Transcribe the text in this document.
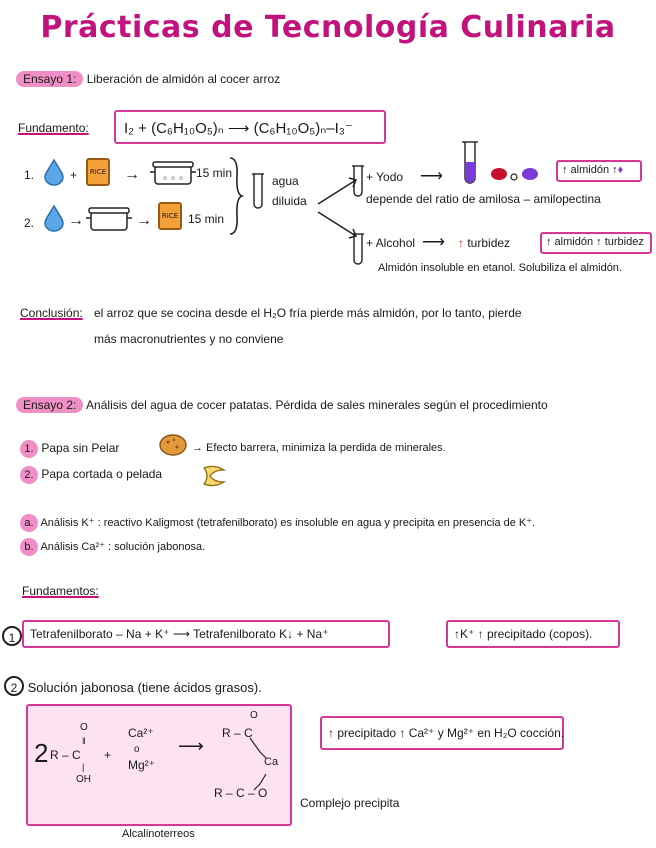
Prácticas de Tecnología Culinaria
Ensayo 1: Liberación de almidón al cocer arroz
Fundamento:	I₂ + (C₆H₁₀O₅)ₙ ⟶ (C₆H₁₀O₅)ₙ–I₃⁻
1.	+	RICE →	15 min
2. →	→	RICE 15 min
agua
diluida
+ Yodo ⟶	↑ almidón ↑♦
depende del ratio de amilosa – amilopectina
+ Alcohol ⟶ ↑ turbidez	↑ almidón ↑ turbidez
Almidón insoluble en etanol. Solubiliza el almidón.
Conclusión: el arroz que se cocina desde el H₂O fría pierde más almidón, por lo tanto, pierde
más macronutrientes y no conviene
Ensayo 2: Análisis del agua de cocer patatas. Pérdida de sales minerales según el procedimiento
1. Papa sin Pelar	→ Efecto barrera, minimiza la perdida de minerales.
2. Papa cortada o pelada
a. Análisis K⁺ : reactivo Kaligmost (tetrafenilborato) es insoluble en agua y precipita en presencia de K⁺.
b. Análisis Ca²⁺ : solución jabonosa.
Fundamentos:
1	Tetrafenilborato – Na + K⁺ ⟶ Tetrafenilborato K↓ + Na⁺	↑K⁺ ↑ precipitado (copos).
2 Solución jabonosa (tiene ácidos grasos).
2 R – C
O
‖
|
OH
+
Ca²⁺
o
Mg²⁺
⟶
R – C
O
Ca
R – C – O
Complejo precipita
Alcalinoterreos
↑ precipitado ↑ Ca²⁺ y Mg²⁺ en H₂O cocción.
